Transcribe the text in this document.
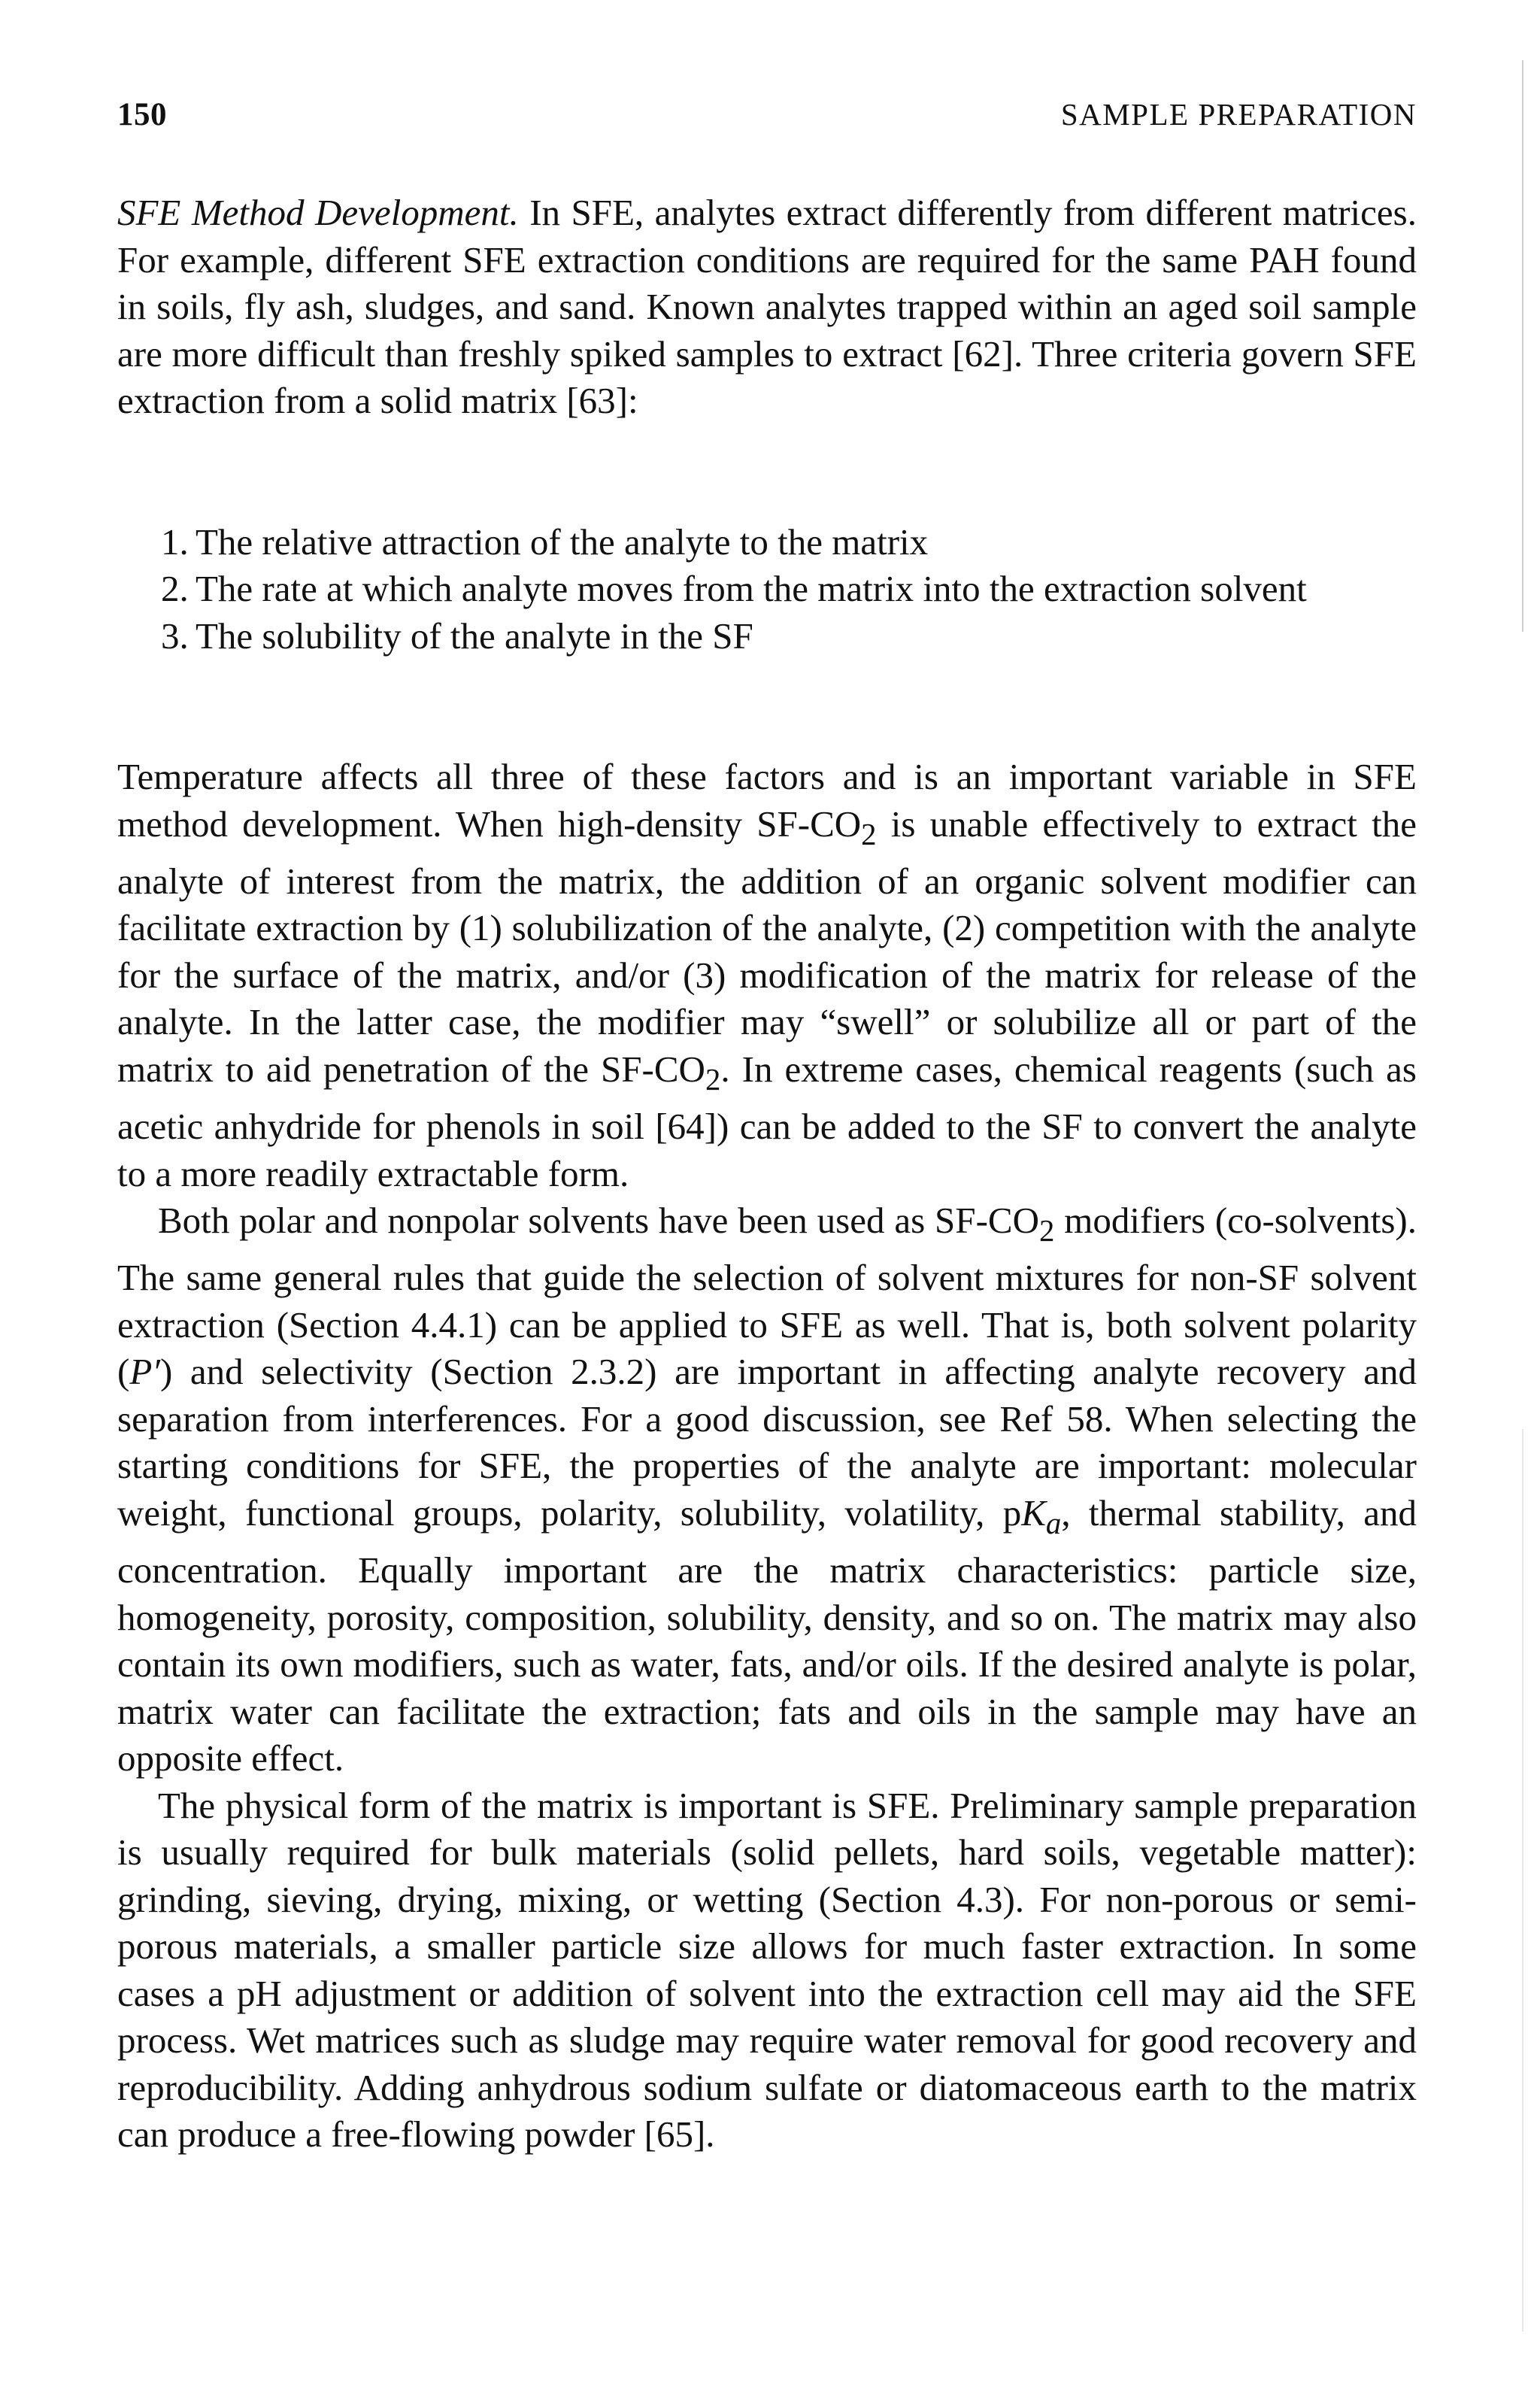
150	SAMPLE PREPARATION

SFE Method Development. In SFE, analytes extract differently from different matrices. For example, different SFE extraction conditions are required for the same PAH found in soils, fly ash, sludges, and sand. Known analytes trapped within an aged soil sample are more difficult than freshly spiked samples to extract [62]. Three criteria govern SFE extraction from a solid matrix [63]:

1. The relative attraction of the analyte to the matrix
2. The rate at which analyte moves from the matrix into the extraction solvent
3. The solubility of the analyte in the SF

Temperature affects all three of these factors and is an important variable in SFE method development. When high-density $SF-CO_2$ is unable effectively to extract the analyte of interest from the matrix, the addition of an organic solvent modifier can facilitate extraction by (1) solubilization of the analyte, (2) competition with the analyte for the surface of the matrix, and/or (3) modification of the matrix for release of the analyte. In the latter case, the modifier may “swell” or solubilize all or part of the matrix to aid penetration of the $SF-CO_2$. In extreme cases, chemical reagents (such as acetic anhydride for phenols in soil [64]) can be added to the SF to convert the analyte to a more readily extractable form.

Both polar and nonpolar solvents have been used as $SF-CO_2$ modifiers (co-solvents). The same general rules that guide the selection of solvent mixtures for non-SF solvent extraction (Section 4.4.1) can be applied to SFE as well. That is, both solvent polarity (P′) and selectivity (Section 2.3.2) are important in affecting analyte recovery and separation from interferences. For a good discussion, see Ref 58. When selecting the starting conditions for SFE, the properties of the analyte are important: molecular weight, functional groups, polarity, solubility, volatility, $pK_a$, thermal stability, and concentration. Equally important are the matrix characteristics: particle size, homogeneity, porosity, composition, solubility, density, and so on. The matrix may also contain its own modifiers, such as water, fats, and/or oils. If the desired analyte is polar, matrix water can facilitate the extraction; fats and oils in the sample may have an opposite effect.

The physical form of the matrix is important is SFE. Preliminary sample preparation is usually required for bulk materials (solid pellets, hard soils, vegetable matter): grinding, sieving, drying, mixing, or wetting (Section 4.3). For non-porous or semi-porous materials, a smaller particle size allows for much faster extraction. In some cases a pH adjustment or addition of solvent into the extraction cell may aid the SFE process. Wet matrices such as sludge may require water removal for good recovery and reproducibility. Adding anhydrous sodium sulfate or diatomaceous earth to the matrix can produce a free-flowing powder [65].
